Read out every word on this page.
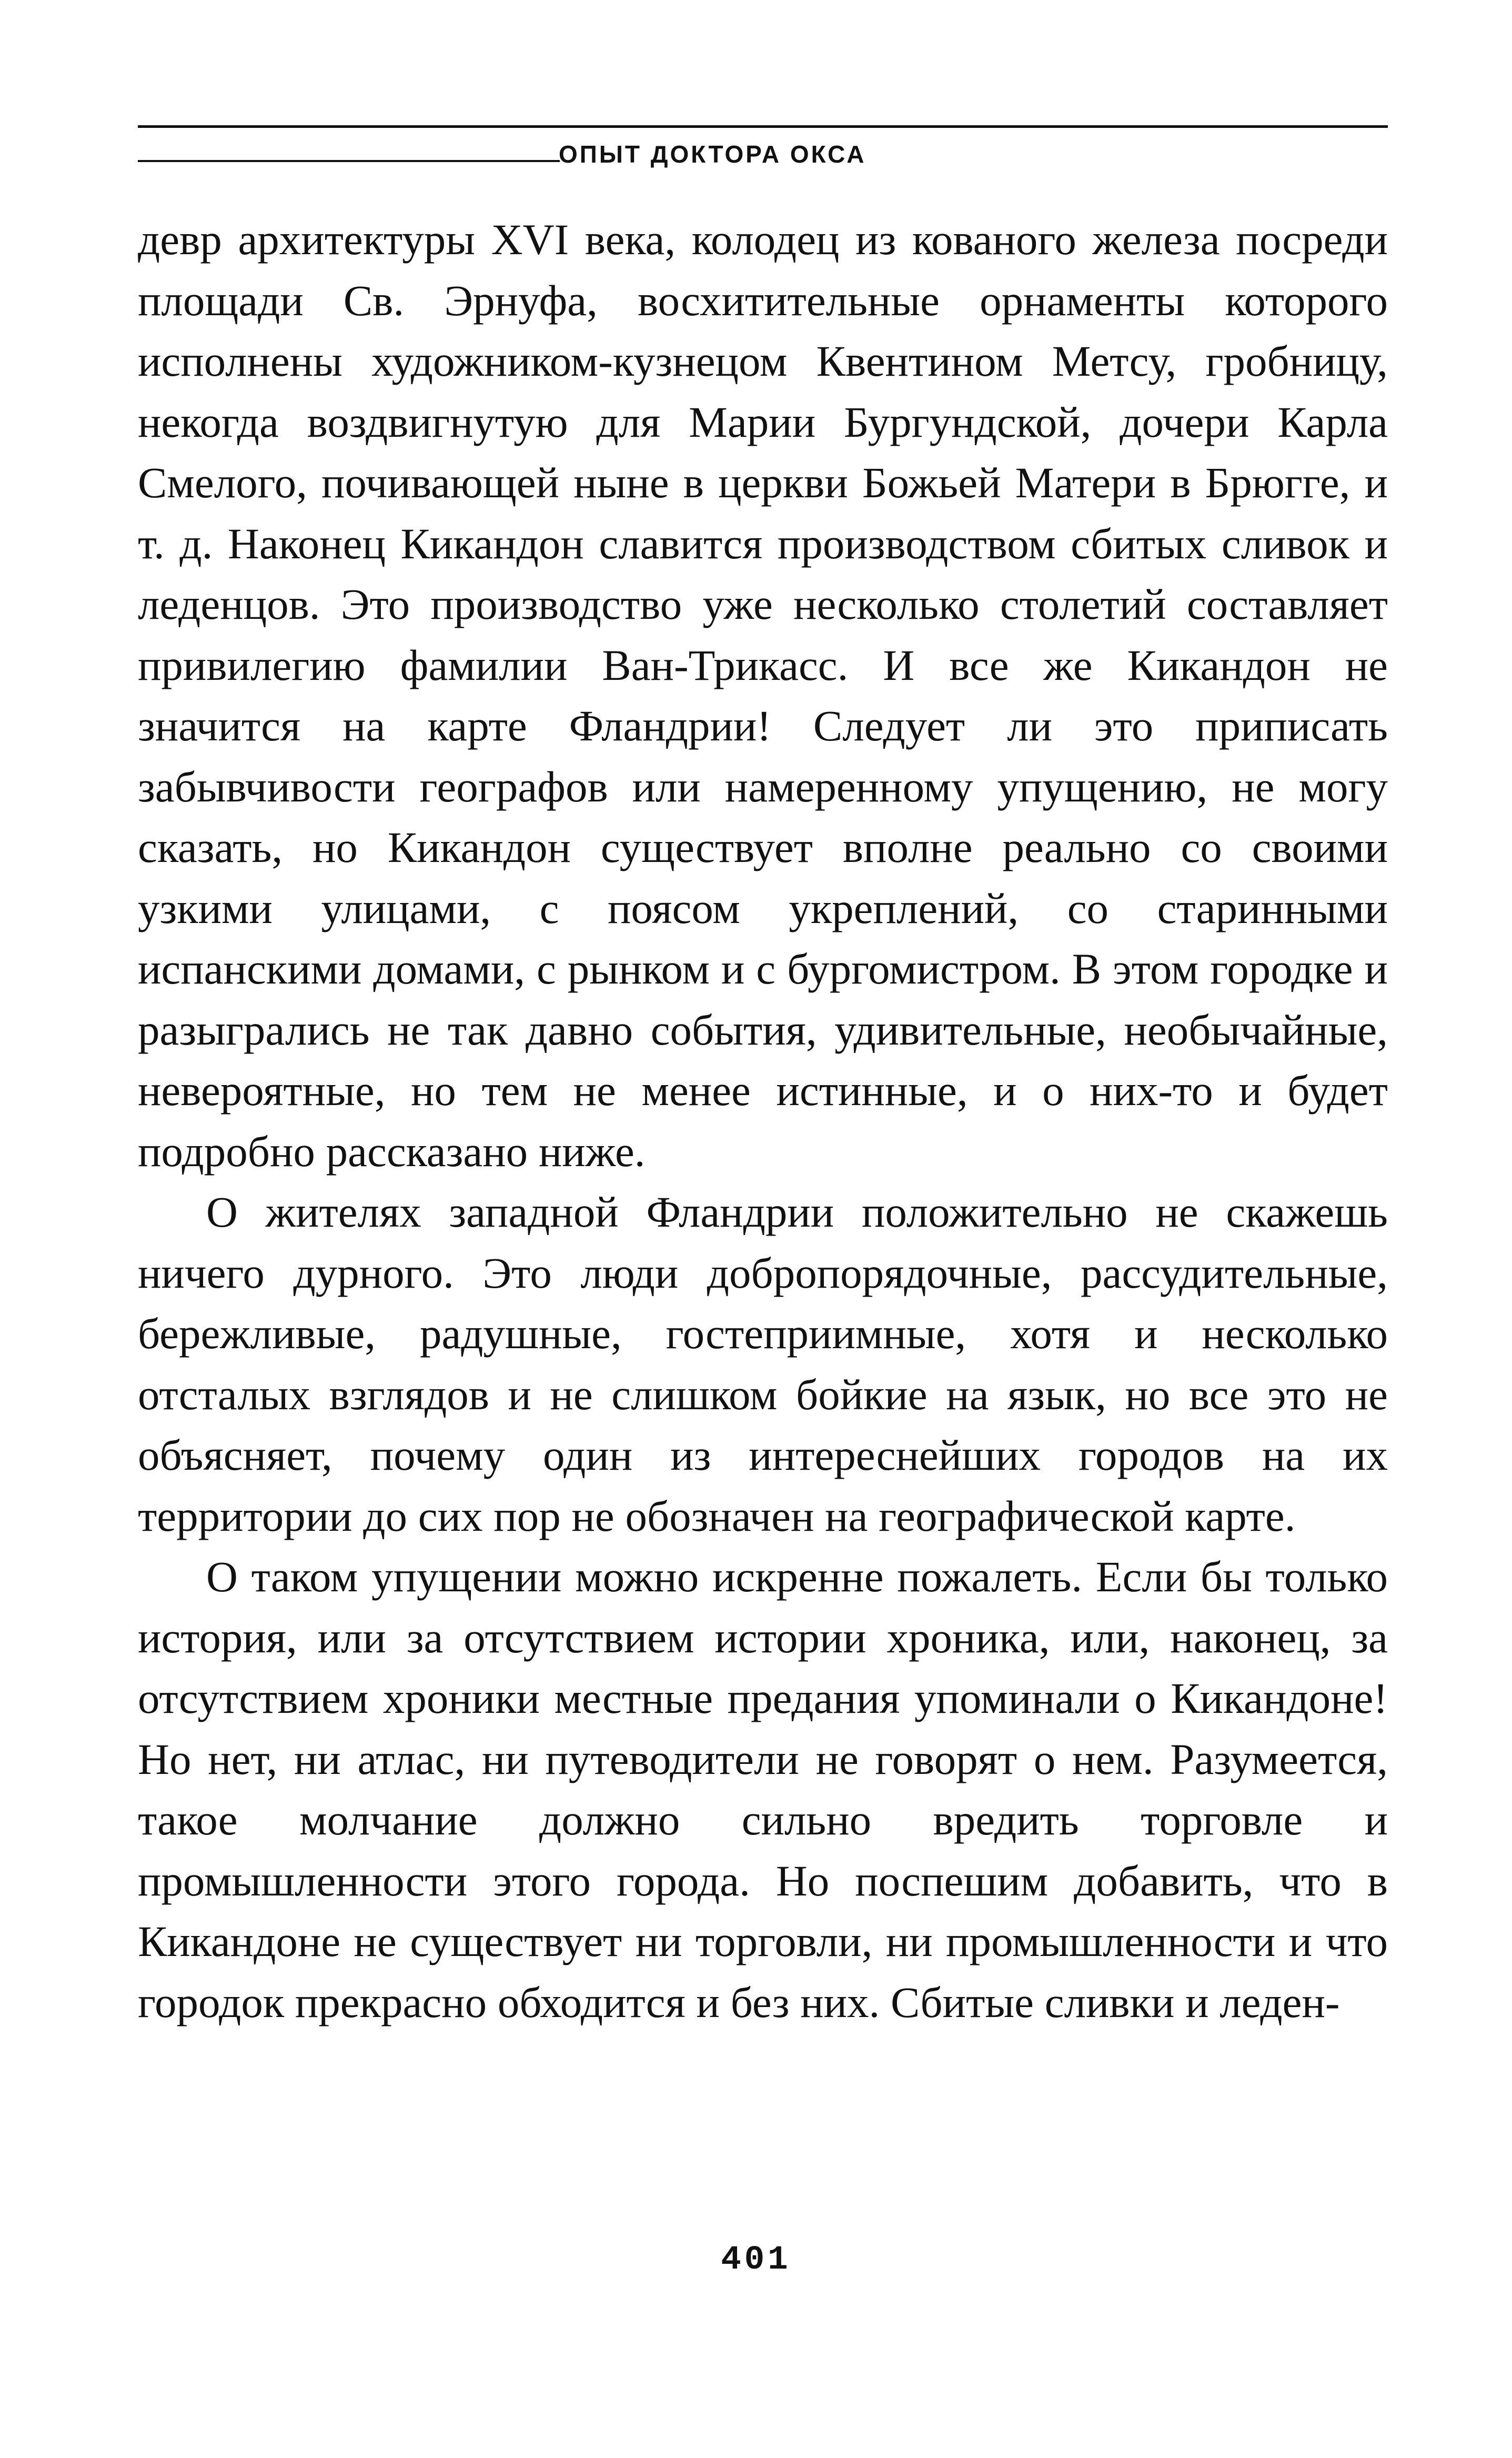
ОПЫТ ДОКТОРА ОКСА

девр архитектуры XVI века, колодец из кованого железа посреди площади Св. Эрнуфа, восхитительные орнаменты которого исполнены художником-кузнецом Квентином Метсу, гробницу, некогда воздвигнутую для Марии Бургундской, дочери Карла Смелого, почивающей ныне в церкви Божьей Матери в Брюгге, и т. д. Наконец Кикандон славится производством сбитых сливок и леденцов. Это производство уже несколько столетий составляет привилегию фамилии Ван-Трикасс. И все же Кикандон не значится на карте Фландрии! Следует ли это приписать забывчивости географов или намеренному упущению, не могу сказать, но Кикандон существует вполне реально со своими узкими улицами, с поясом укреплений, со старинными испанскими домами, с рынком и с бургомистром. В этом городке и разыгрались не так давно события, удивительные, необычайные, невероятные, но тем не менее истинные, и о них-то и будет подробно рассказано ниже.

О жителях западной Фландрии положительно не скажешь ничего дурного. Это люди добропорядочные, рассудительные, бережливые, радушные, гостеприимные, хотя и несколько отсталых взглядов и не слишком бойкие на язык, но все это не объясняет, почему один из интереснейших городов на их территории до сих пор не обозначен на географической карте.

О таком упущении можно искренне пожалеть. Если бы только история, или за отсутствием истории хроника, или, наконец, за отсутствием хроники местные предания упоминали о Кикандоне! Но нет, ни атлас, ни путеводители не говорят о нем. Разумеется, такое молчание должно сильно вредить торговле и промышленности этого города. Но поспешим добавить, что в Кикандоне не существует ни торговли, ни промышленности и что городок прекрасно обходится и без них. Сбитые сливки и леден-

401
